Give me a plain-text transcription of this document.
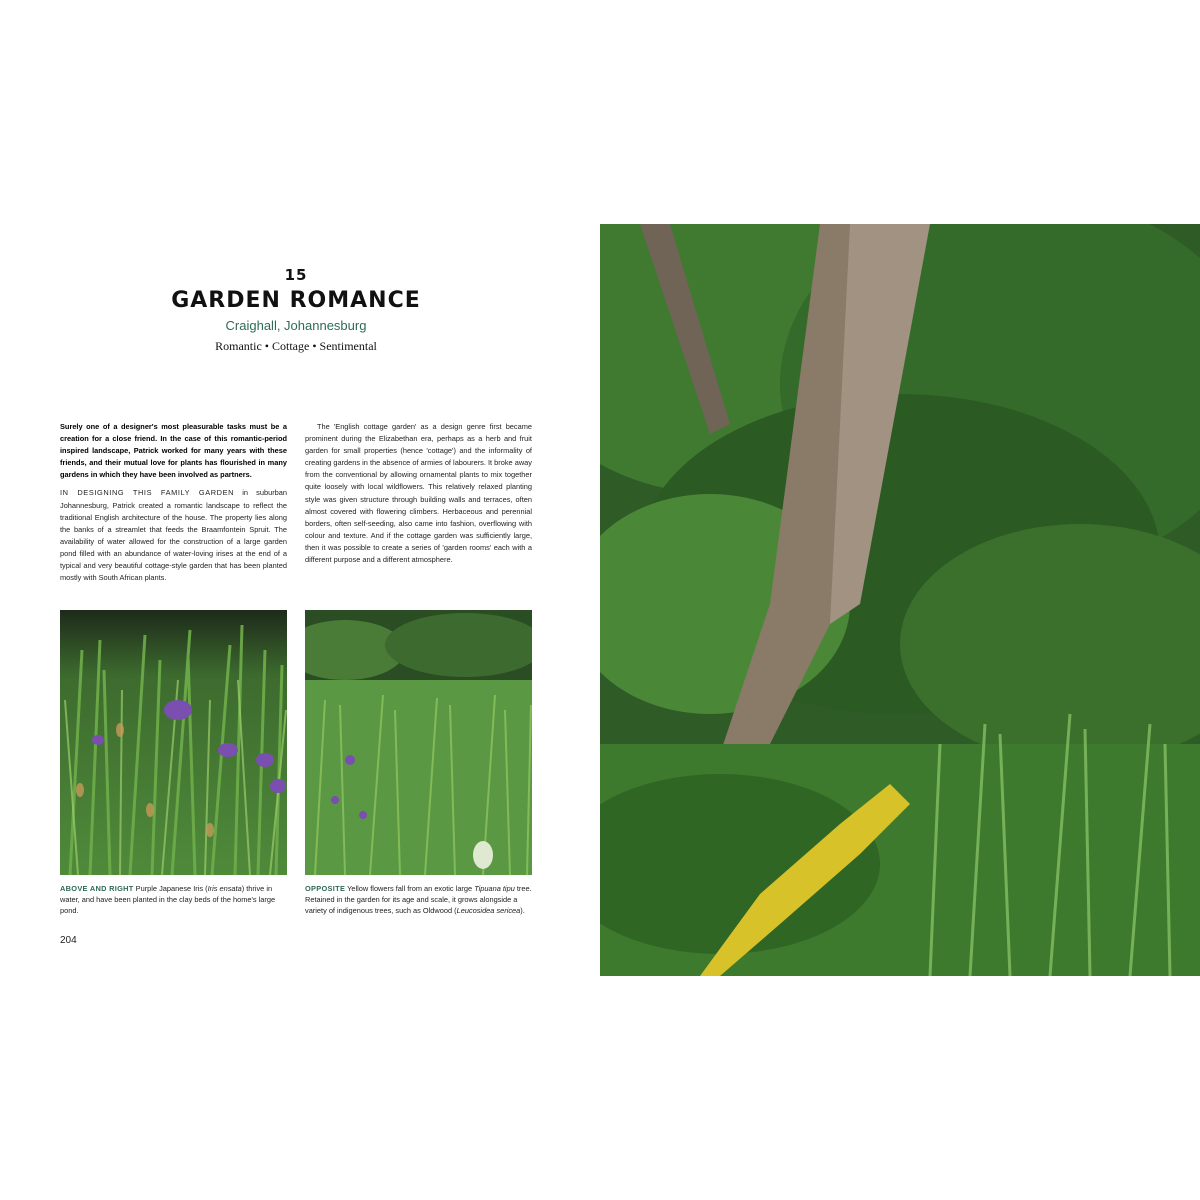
15
GARDEN ROMANCE
Craighall, Johannesburg
Romantic • Cottage • Sentimental

Surely one of a designer's most pleasurable tasks must be a creation for a close friend. In the case of this romantic-period inspired landscape, Patrick worked for many years with these friends, and their mutual love for plants has flourished in many gardens in which they have been involved as partners.

IN DESIGNING THIS FAMILY GARDEN in suburban Johannesburg, Patrick created a romantic landscape to reflect the traditional English architecture of the house. The property lies along the banks of a streamlet that feeds the Braamfontein Spruit. The availability of water allowed for the construction of a large garden pond filled with an abundance of water-loving irises at the end of a typical and very beautiful cottage-style garden that has been planted mostly with South African plants.

The 'English cottage garden' as a design genre first became prominent during the Elizabethan era, perhaps as a herb and fruit garden for small properties (hence 'cottage') and the informality of creating gardens in the absence of armies of labourers. It broke away from the conventional by allowing ornamental plants to mix together quite loosely with local wildflowers. This relatively relaxed planting style was given structure through building walls and terraces, often almost covered with flowering climbers. Herbaceous and perennial borders, often self-seeding, also came into fashion, overflowing with colour and texture. And if the cottage garden was sufficiently large, then it was possible to create a series of 'garden rooms' each with a different purpose and a different atmosphere.

ABOVE AND RIGHT Purple Japanese Iris (Iris ensata) thrive in water, and have been planted in the clay beds of the home's large pond.
OPPOSITE Yellow flowers fall from an exotic large Tipuana tipu tree. Retained in the garden for its age and scale, it grows alongside a variety of indigenous trees, such as Oldwood (Leucosidea sericea).
204
